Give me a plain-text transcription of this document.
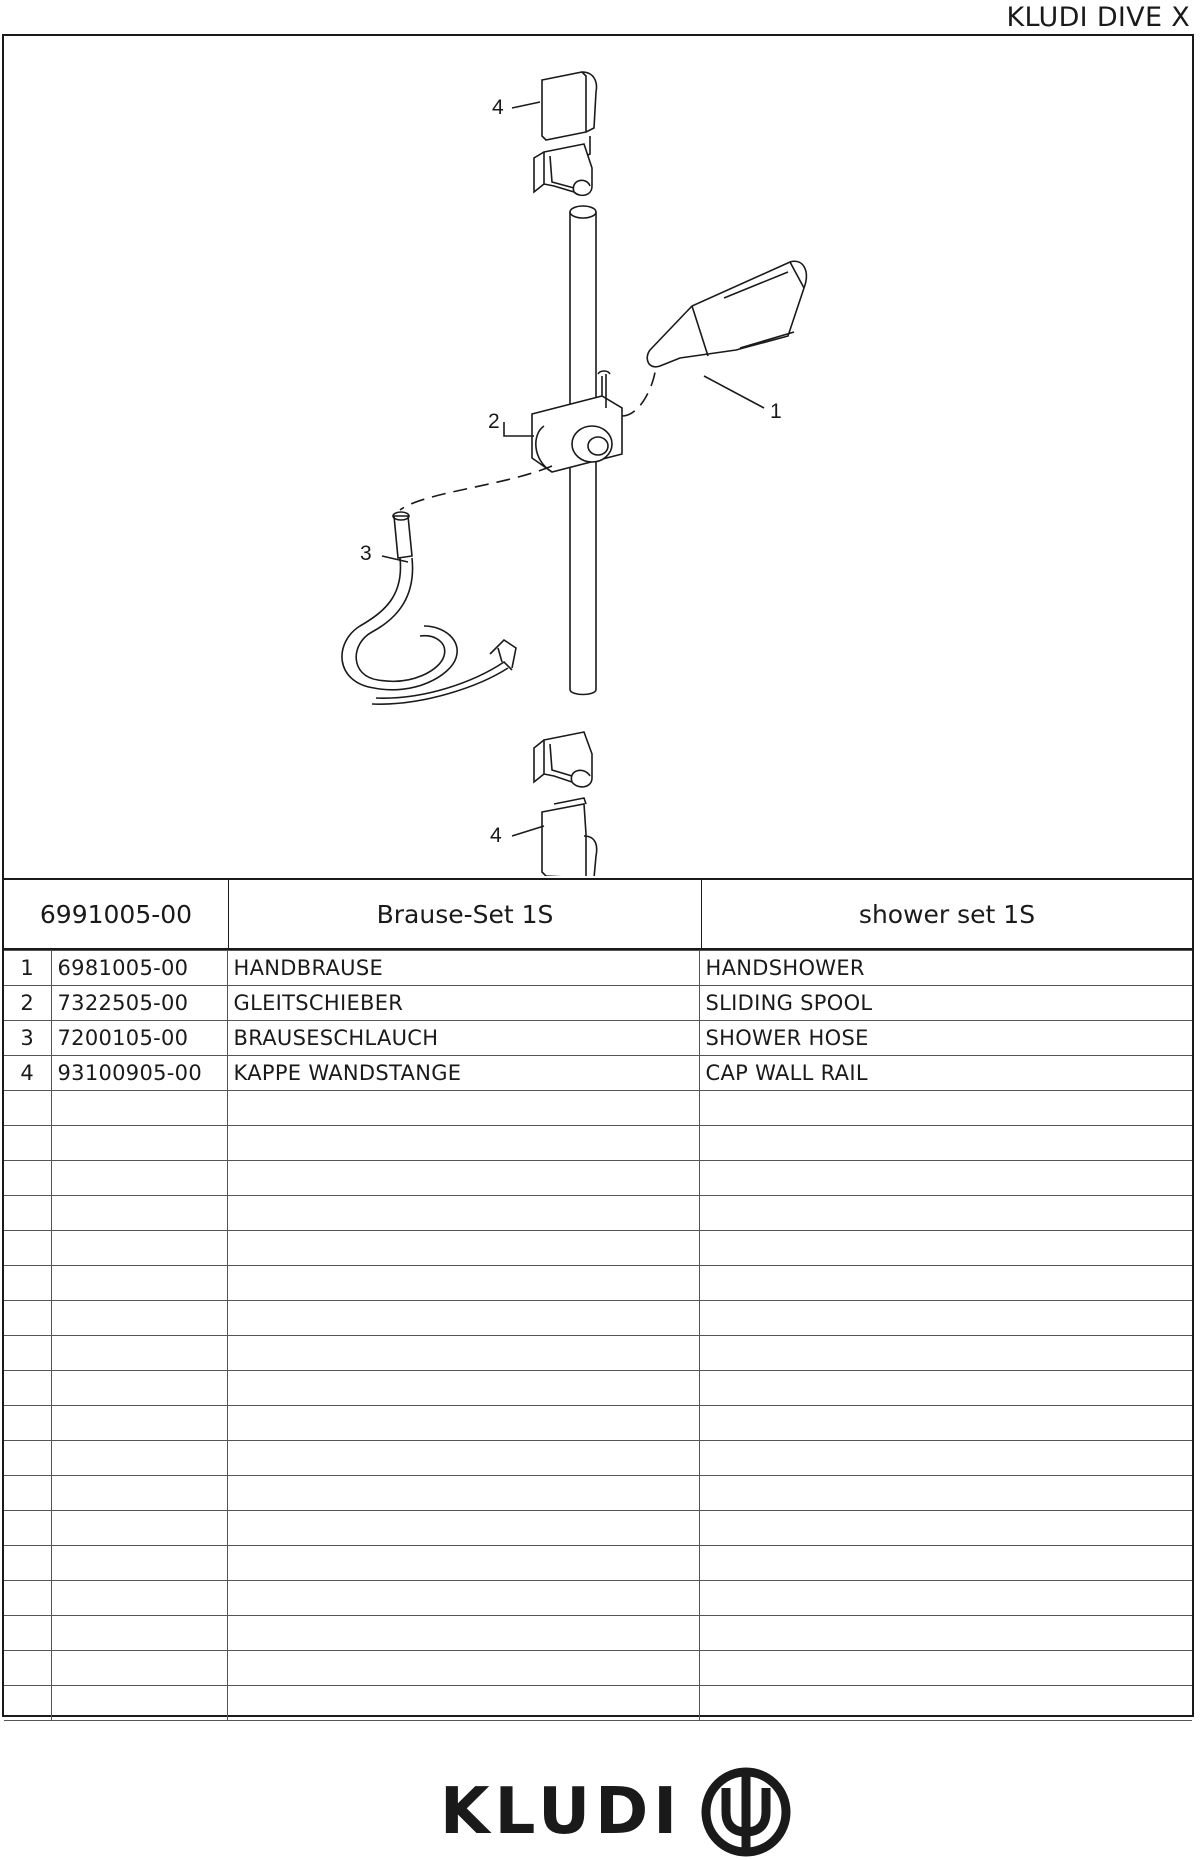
KLUDI DIVE X
4
2
3
1
4
6991005-00	Brause-Set 1S	shower set 1S
1	6981005-00	HANDBRAUSE	HANDSHOWER
2	7322505-00	GLEITSCHIEBER	SLIDING SPOOL
3	7200105-00	BRAUSESCHLAUCH	SHOWER HOSE
4	93100905-00	KAPPE WANDSTANGE	CAP WALL RAIL

KLUDI
